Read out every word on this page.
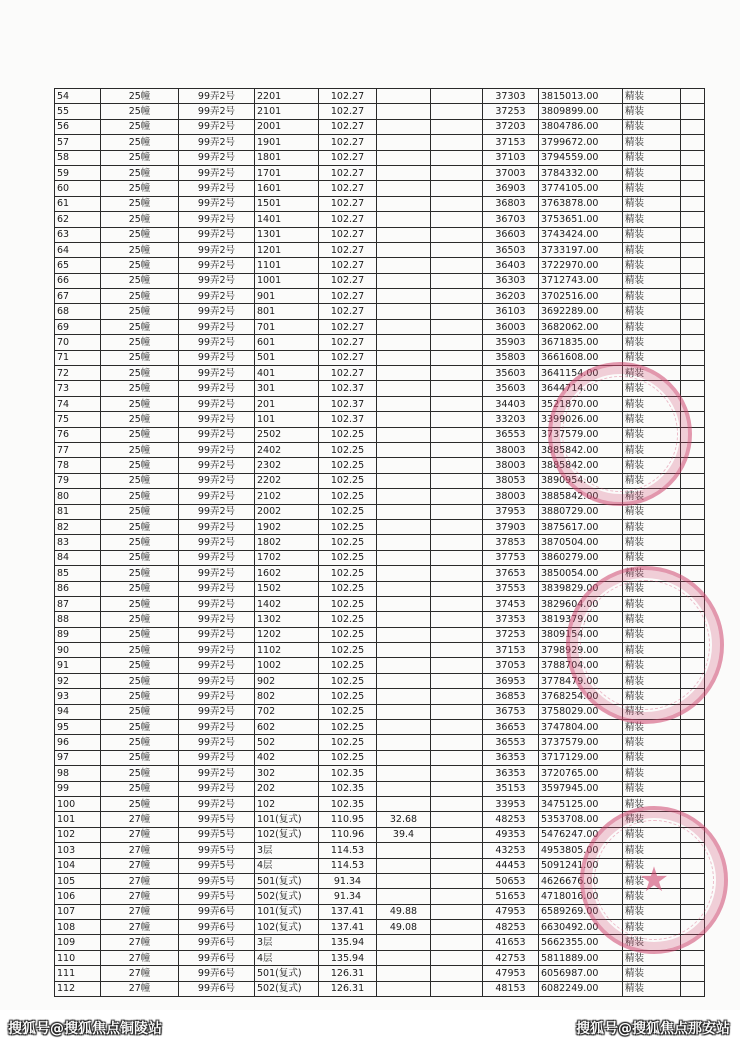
54	25幢	99弄2号	2201	102.27			37303	3815013.00	精装	
55	25幢	99弄2号	2101	102.27			37253	3809899.00	精装	
56	25幢	99弄2号	2001	102.27			37203	3804786.00	精装	
57	25幢	99弄2号	1901	102.27			37153	3799672.00	精装	
58	25幢	99弄2号	1801	102.27			37103	3794559.00	精装	
59	25幢	99弄2号	1701	102.27			37003	3784332.00	精装	
60	25幢	99弄2号	1601	102.27			36903	3774105.00	精装	
61	25幢	99弄2号	1501	102.27			36803	3763878.00	精装	
62	25幢	99弄2号	1401	102.27			36703	3753651.00	精装	
63	25幢	99弄2号	1301	102.27			36603	3743424.00	精装	
64	25幢	99弄2号	1201	102.27			36503	3733197.00	精装	
65	25幢	99弄2号	1101	102.27			36403	3722970.00	精装	
66	25幢	99弄2号	1001	102.27			36303	3712743.00	精装	
67	25幢	99弄2号	901	102.27			36203	3702516.00	精装	
68	25幢	99弄2号	801	102.27			36103	3692289.00	精装	
69	25幢	99弄2号	701	102.27			36003	3682062.00	精装	
70	25幢	99弄2号	601	102.27			35903	3671835.00	精装	
71	25幢	99弄2号	501	102.27			35803	3661608.00	精装	
72	25幢	99弄2号	401	102.27			35603	3641154.00	精装	
73	25幢	99弄2号	301	102.37			35603	3644714.00	精装	
74	25幢	99弄2号	201	102.37			34403	3521870.00	精装	
75	25幢	99弄2号	101	102.37			33203	3399026.00	精装	
76	25幢	99弄2号	2502	102.25			36553	3737579.00	精装	
77	25幢	99弄2号	2402	102.25			38003	3885842.00	精装	
78	25幢	99弄2号	2302	102.25			38003	3885842.00	精装	
79	25幢	99弄2号	2202	102.25			38053	3890954.00	精装	
80	25幢	99弄2号	2102	102.25			38003	3885842.00	精装	
81	25幢	99弄2号	2002	102.25			37953	3880729.00	精装	
82	25幢	99弄2号	1902	102.25			37903	3875617.00	精装	
83	25幢	99弄2号	1802	102.25			37853	3870504.00	精装	
84	25幢	99弄2号	1702	102.25			37753	3860279.00	精装	
85	25幢	99弄2号	1602	102.25			37653	3850054.00	精装	
86	25幢	99弄2号	1502	102.25			37553	3839829.00	精装	
87	25幢	99弄2号	1402	102.25			37453	3829604.00	精装	
88	25幢	99弄2号	1302	102.25			37353	3819379.00	精装	
89	25幢	99弄2号	1202	102.25			37253	3809154.00	精装	
90	25幢	99弄2号	1102	102.25			37153	3798929.00	精装	
91	25幢	99弄2号	1002	102.25			37053	3788704.00	精装	
92	25幢	99弄2号	902	102.25			36953	3778479.00	精装	
93	25幢	99弄2号	802	102.25			36853	3768254.00	精装	
94	25幢	99弄2号	702	102.25			36753	3758029.00	精装	
95	25幢	99弄2号	602	102.25			36653	3747804.00	精装	
96	25幢	99弄2号	502	102.25			36553	3737579.00	精装	
97	25幢	99弄2号	402	102.25			36353	3717129.00	精装	
98	25幢	99弄2号	302	102.35			36353	3720765.00	精装	
99	25幢	99弄2号	202	102.35			35153	3597945.00	精装	
100	25幢	99弄2号	102	102.35			33953	3475125.00	精装	
101	27幢	99弄5号	101(复式)	110.95	32.68		48253	5353708.00	精装	
102	27幢	99弄5号	102(复式)	110.96	39.4		49353	5476247.00	精装	
103	27幢	99弄5号	3层	114.53			43253	4953805.00	精装	
104	27幢	99弄5号	4层	114.53			44453	5091241.00	精装	
105	27幢	99弄5号	501(复式)	91.34			50653	4626676.00	精装	
106	27幢	99弄5号	502(复式)	91.34			51653	4718016.00	精装	
107	27幢	99弄6号	101(复式)	137.41	49.88		47953	6589269.00	精装	
108	27幢	99弄6号	102(复式)	137.41	49.08		48253	6630492.00	精装	
109	27幢	99弄6号	3层	135.94			41653	5662355.00	精装	
110	27幢	99弄6号	4层	135.94			42753	5811889.00	精装	
111	27幢	99弄6号	501(复式)	126.31			47953	6056987.00	精装	
112	27幢	99弄6号	502(复式)	126.31			48153	6082249.00	精装	
★
搜狐号@搜狐焦点铜陵站	搜狐号@搜狐焦点那安站
